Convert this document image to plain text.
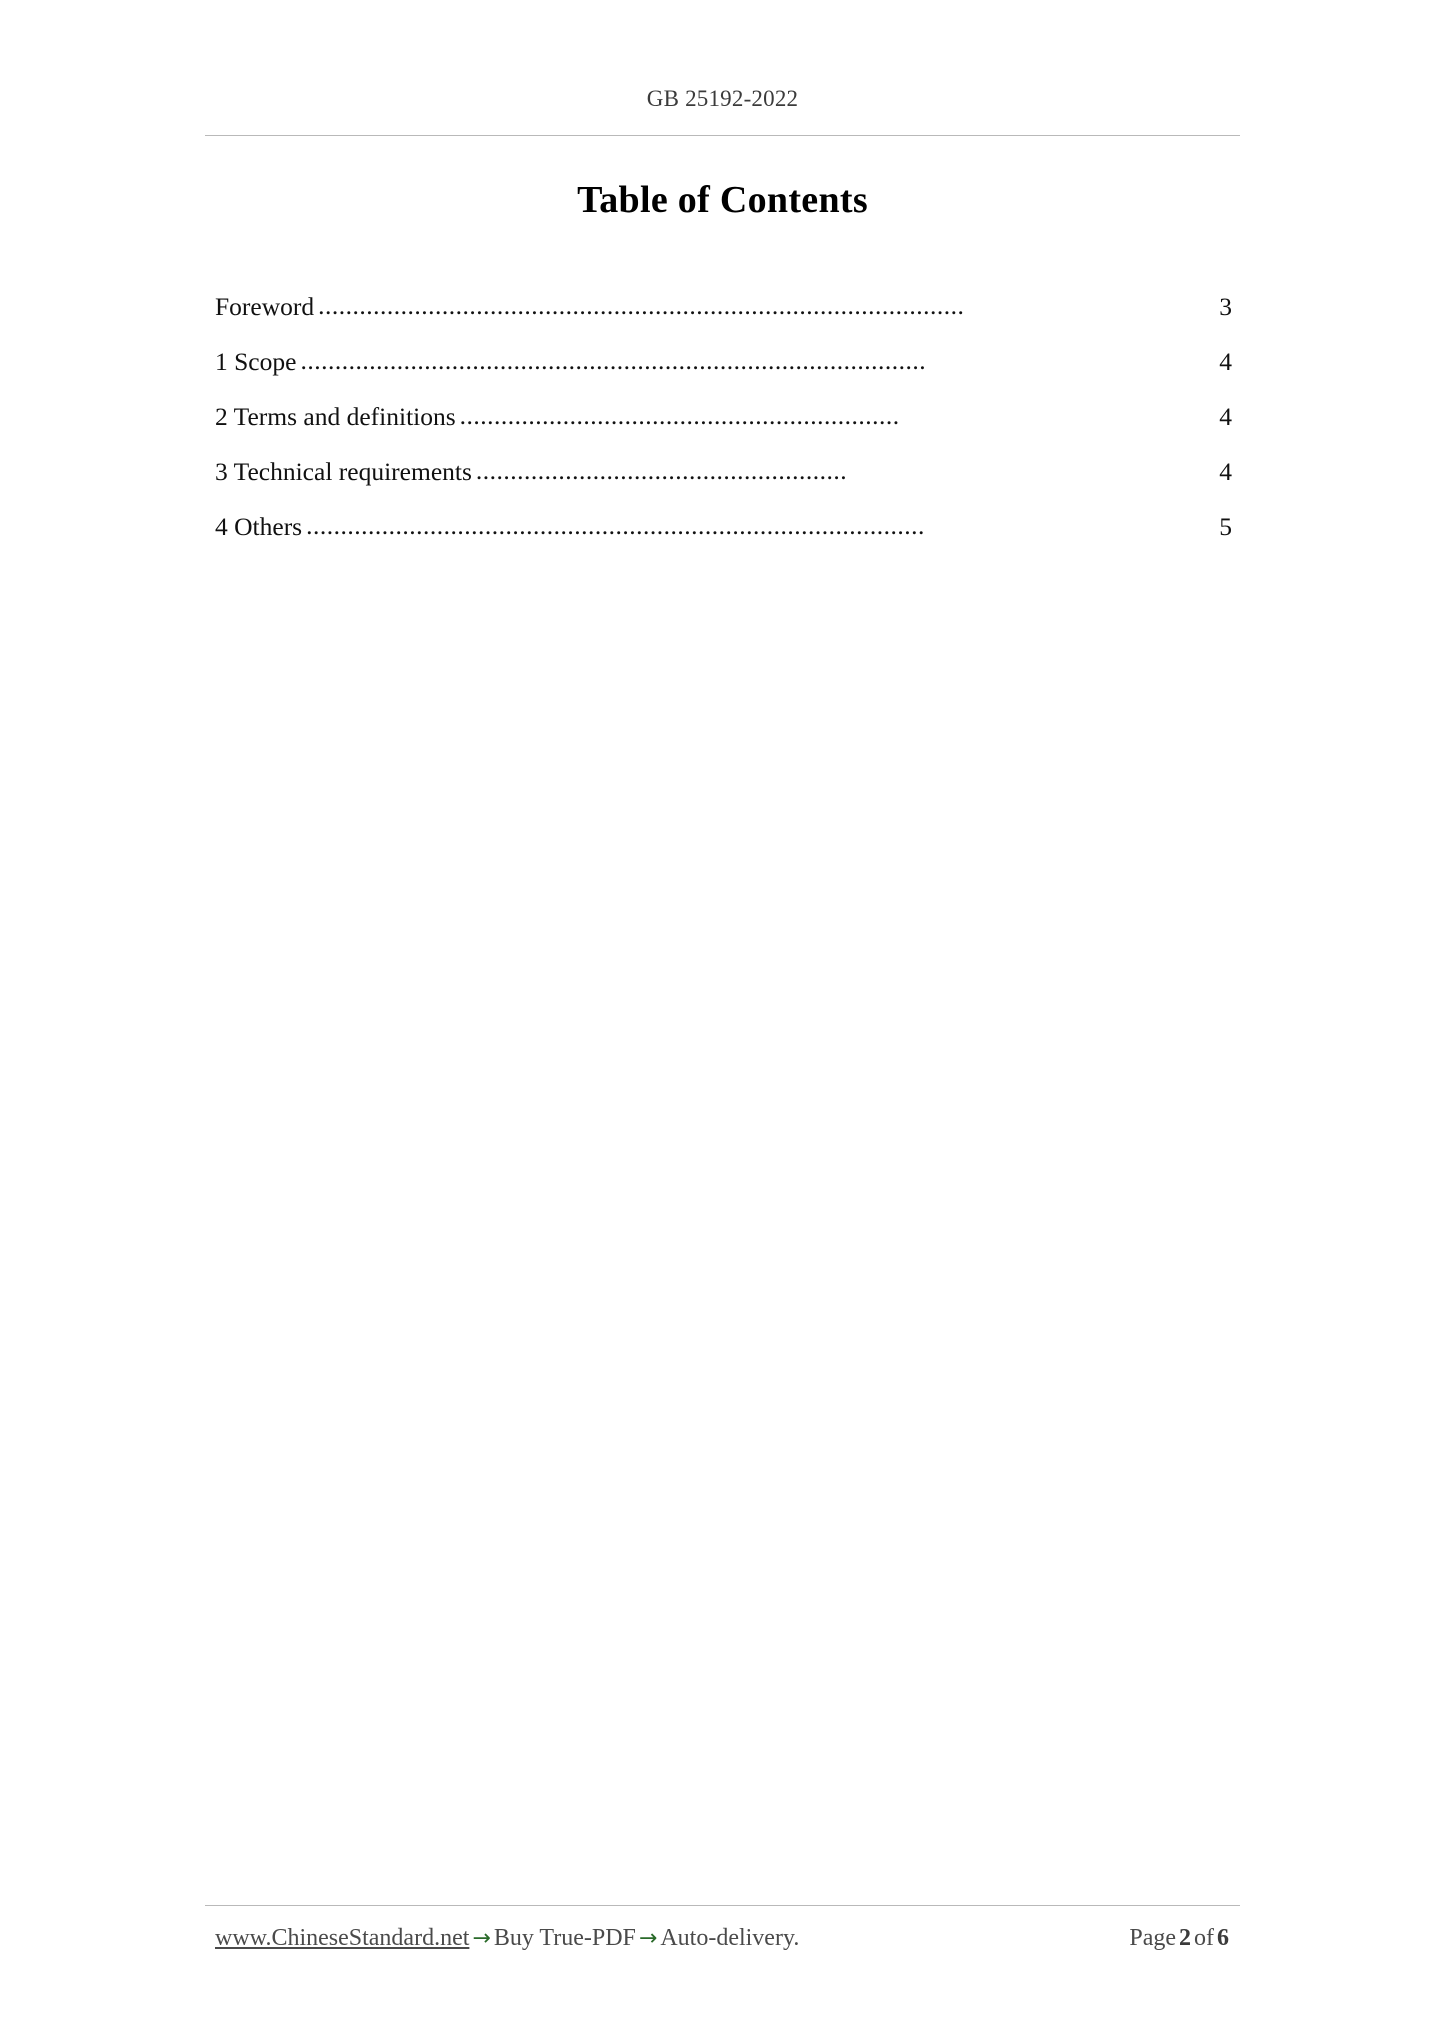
GB 25192-2022
Table of Contents
Foreword ..............................................................................................	3
1 Scope ...........................................................................................	4
2 Terms and definitions ................................................................	4
3 Technical requirements ......................................................	4
4 Others ..........................................................................................	5
www.ChineseStandard.net → Buy True-PDF → Auto-delivery.	Page 2 of 6
